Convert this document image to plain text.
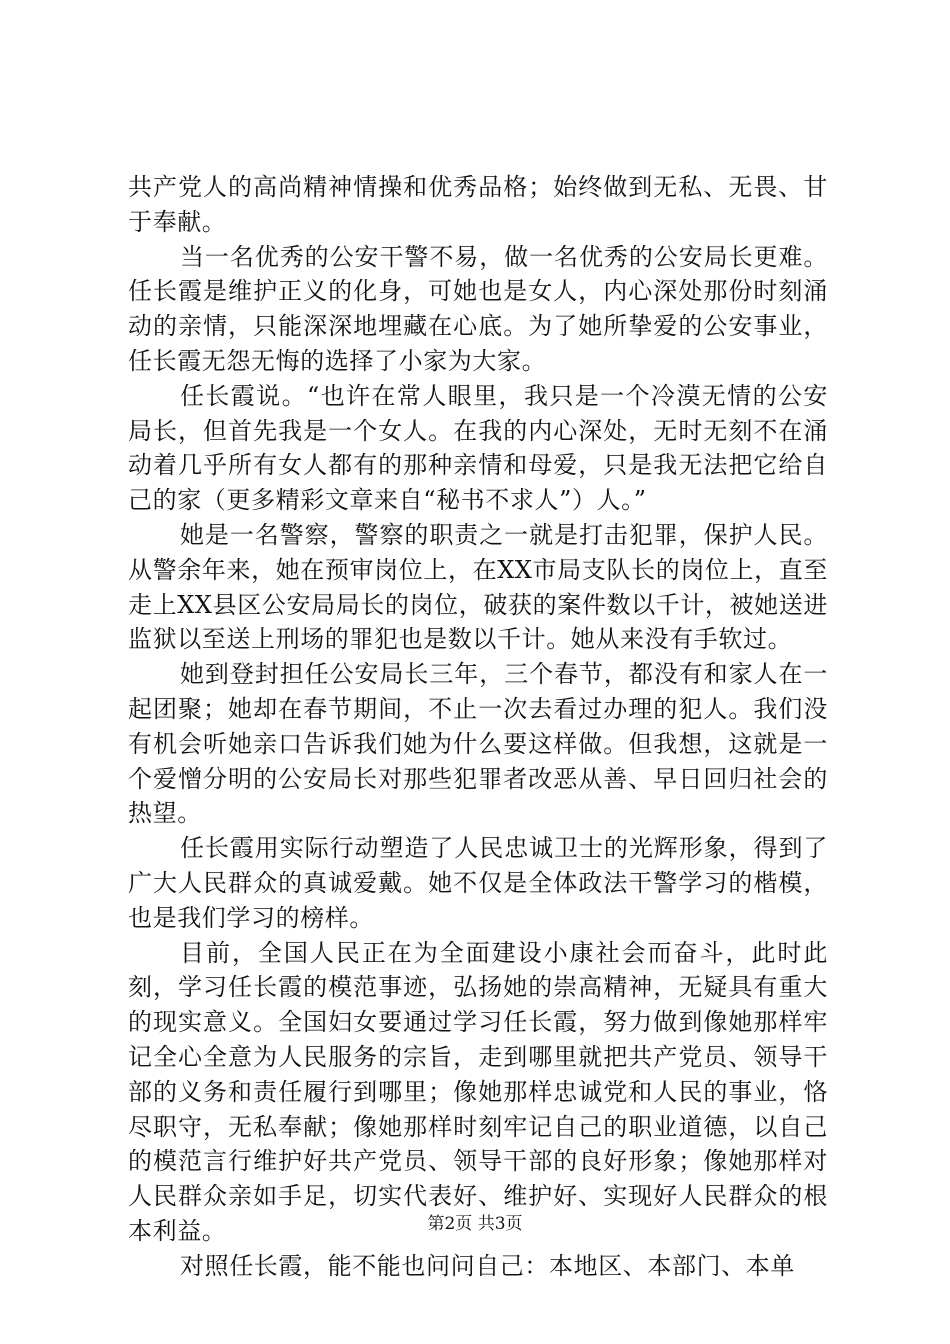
共产党人的高尚精神情操和优秀品格；始终做到无私、无畏、甘于奉献。

当一名优秀的公安干警不易，做一名优秀的公安局长更难。任长霞是维护正义的化身，可她也是女人，内心深处那份时刻涌动的亲情，只能深深地埋藏在心底。为了她所挚爱的公安事业，任长霞无怨无悔的选择了小家为大家。

任长霞说。“也许在常人眼里，我只是一个冷漠无情的公安局长，但首先我是一个女人。在我的内心深处，无时无刻不在涌动着几乎所有女人都有的那种亲情和母爱，只是我无法把它给自己的家（更多精彩文章来自“秘书不求人”）人。”

她是一名警察，警察的职责之一就是打击犯罪，保护人民。从警余年来，她在预审岗位上，在XX市局支队长的岗位上，直至走上XX县区公安局局长的岗位，破获的案件数以千计，被她送进监狱以至送上刑场的罪犯也是数以千计。她从来没有手软过。

她到登封担任公安局长三年，三个春节，都没有和家人在一起团聚；她却在春节期间，不止一次去看过办理的犯人。我们没有机会听她亲口告诉我们她为什么要这样做。但我想，这就是一个爱憎分明的公安局长对那些犯罪者改恶从善、早日回归社会的热望。

任长霞用实际行动塑造了人民忠诚卫士的光辉形象，得到了广大人民群众的真诚爱戴。她不仅是全体政法干警学习的楷模，也是我们学习的榜样。

目前，全国人民正在为全面建设小康社会而奋斗，此时此刻，学习任长霞的模范事迹，弘扬她的崇高精神，无疑具有重大的现实意义。全国妇女要通过学习任长霞，努力做到像她那样牢记全心全意为人民服务的宗旨，走到哪里就把共产党员、领导干部的义务和责任履行到哪里；像她那样忠诚党和人民的事业，恪尽职守，无私奉献；像她那样时刻牢记自己的职业道德，以自己的模范言行维护好共产党员、领导干部的良好形象；像她那样对人民群众亲如手足，切实代表好、维护好、实现好人民群众的根本利益。

对照任长霞，能不能也问问自己：本地区、本部门、本单

第2页 共3页
